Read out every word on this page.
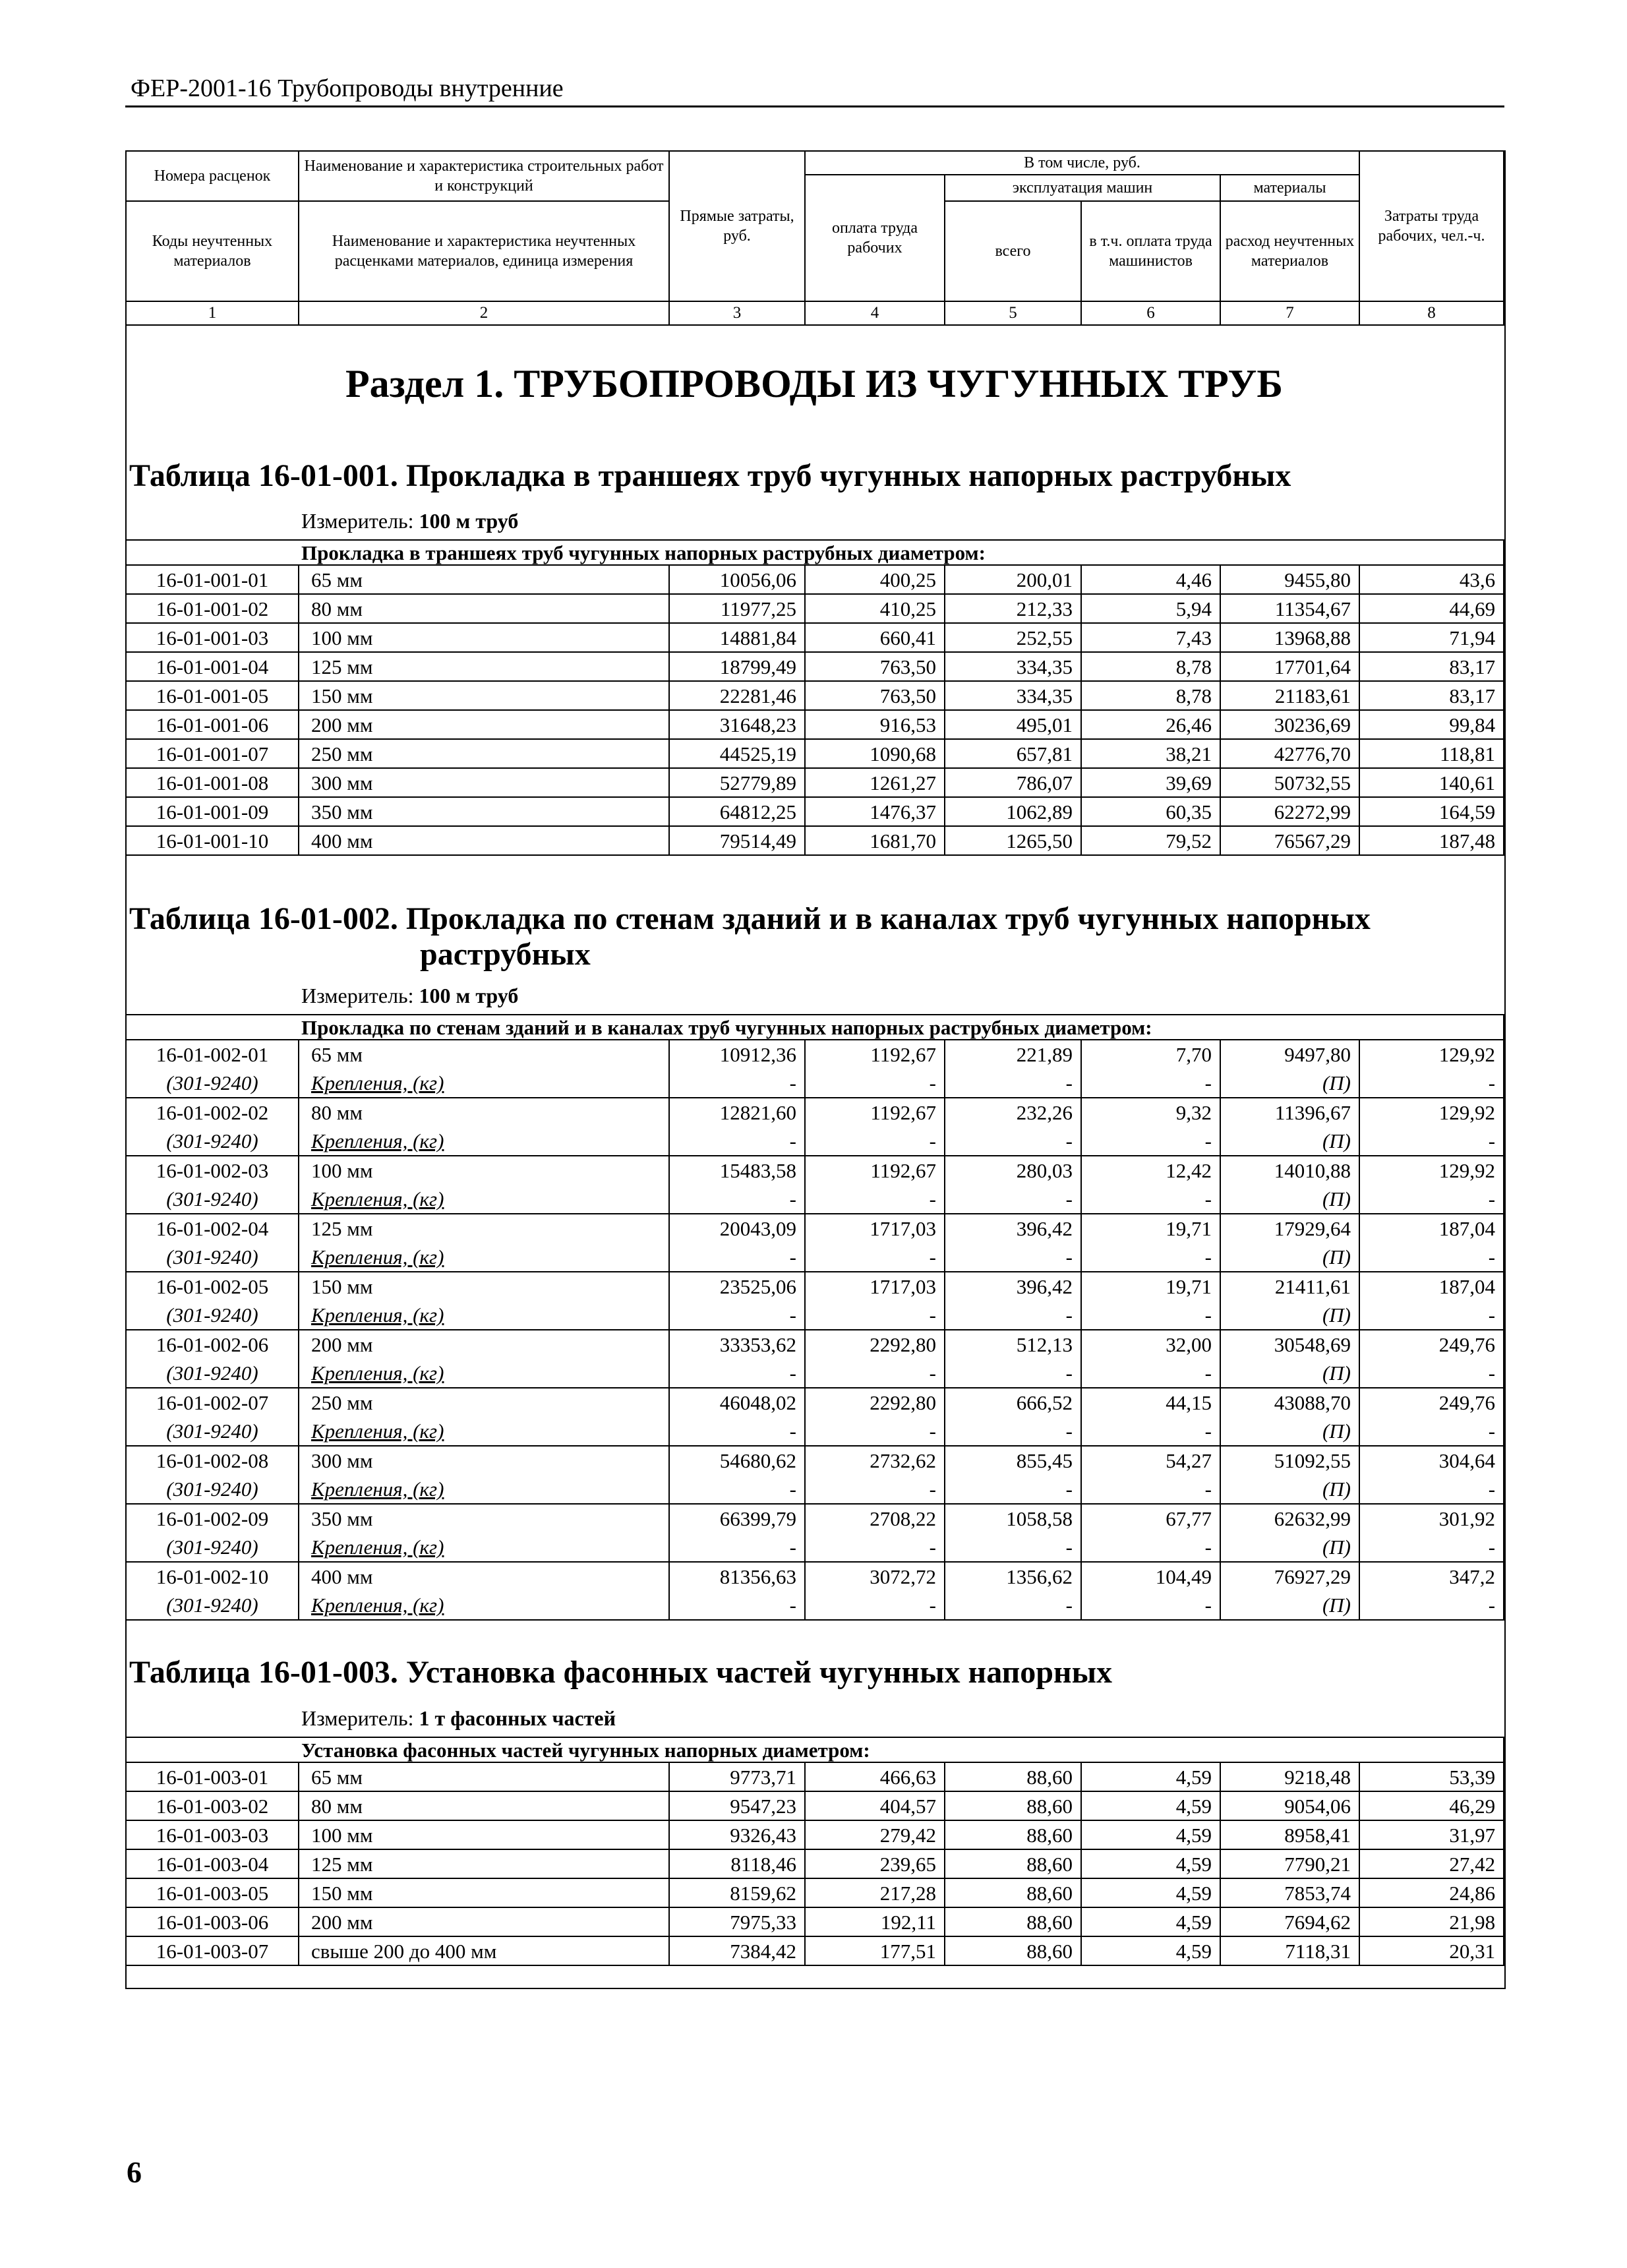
ФЕР-2001-16 Трубопроводы внутренние
Номера расценок	Наименование и характеристика строительных работ и конструкций	Прямые затраты, руб.	В том числе, руб.				Затраты труда рабочих, чел.-ч.
			оплата труда рабочих	эксплуатация машин		материалы	
Коды неучтенных материалов	Наименование и характеристика неучтенных расценками материалов, единица измерения			всего	в т.ч. оплата труда машинистов	расход неучтенных материалов	

1	2	3	4	5	6	7	8
Раздел 1. ТРУБОПРОВОДЫ ИЗ ЧУГУННЫХ ТРУБ
Таблица 16-01-001. Прокладка в траншеях труб чугунных напорных раструбных
Измеритель: 100 м труб
Прокладка в траншеях труб чугунных напорных раструбных диаметром:							
16-01-001-01	65 мм	10056,06	400,25	200,01	4,46	9455,80	43,6
16-01-001-02	80 мм	11977,25	410,25	212,33	5,94	11354,67	44,69
16-01-001-03	100 мм	14881,84	660,41	252,55	7,43	13968,88	71,94
16-01-001-04	125 мм	18799,49	763,50	334,35	8,78	17701,64	83,17
16-01-001-05	150 мм	22281,46	763,50	334,35	8,78	21183,61	83,17
16-01-001-06	200 мм	31648,23	916,53	495,01	26,46	30236,69	99,84
16-01-001-07	250 мм	44525,19	1090,68	657,81	38,21	42776,70	118,81
16-01-001-08	300 мм	52779,89	1261,27	786,07	39,69	50732,55	140,61
16-01-001-09	350 мм	64812,25	1476,37	1062,89	60,35	62272,99	164,59
16-01-001-10	400 мм	79514,49	1681,70	1265,50	79,52	76567,29	187,48
Таблица 16-01-002. Прокладка по стенам зданий и в каналах труб чугунных напорных
раструбных
Измеритель: 100 м труб
Прокладка по стенам зданий и в каналах труб чугунных напорных раструбных диаметром:							
16-01-002-01	65 мм	10912,36	1192,67	221,89	7,70	9497,80	129,92
(301-9240)	Крепления, (кг)	-	-	-	-	(П)	-
16-01-002-02	80 мм	12821,60	1192,67	232,26	9,32	11396,67	129,92
(301-9240)	Крепления, (кг)	-	-	-	-	(П)	-
16-01-002-03	100 мм	15483,58	1192,67	280,03	12,42	14010,88	129,92
(301-9240)	Крепления, (кг)	-	-	-	-	(П)	-
16-01-002-04	125 мм	20043,09	1717,03	396,42	19,71	17929,64	187,04
(301-9240)	Крепления, (кг)	-	-	-	-	(П)	-
16-01-002-05	150 мм	23525,06	1717,03	396,42	19,71	21411,61	187,04
(301-9240)	Крепления, (кг)	-	-	-	-	(П)	-
16-01-002-06	200 мм	33353,62	2292,80	512,13	32,00	30548,69	249,76
(301-9240)	Крепления, (кг)	-	-	-	-	(П)	-
16-01-002-07	250 мм	46048,02	2292,80	666,52	44,15	43088,70	249,76
(301-9240)	Крепления, (кг)	-	-	-	-	(П)	-
16-01-002-08	300 мм	54680,62	2732,62	855,45	54,27	51092,55	304,64
(301-9240)	Крепления, (кг)	-	-	-	-	(П)	-
16-01-002-09	350 мм	66399,79	2708,22	1058,58	67,77	62632,99	301,92
(301-9240)	Крепления, (кг)	-	-	-	-	(П)	-
16-01-002-10	400 мм	81356,63	3072,72	1356,62	104,49	76927,29	347,2
(301-9240)	Крепления, (кг)	-	-	-	-	(П)	-
Таблица 16-01-003. Установка фасонных частей чугунных напорных
Измеритель: 1 т фасонных частей
Установка фасонных частей чугунных напорных диаметром:							
16-01-003-01	65 мм	9773,71	466,63	88,60	4,59	9218,48	53,39
16-01-003-02	80 мм	9547,23	404,57	88,60	4,59	9054,06	46,29
16-01-003-03	100 мм	9326,43	279,42	88,60	4,59	8958,41	31,97
16-01-003-04	125 мм	8118,46	239,65	88,60	4,59	7790,21	27,42
16-01-003-05	150 мм	8159,62	217,28	88,60	4,59	7853,74	24,86
16-01-003-06	200 мм	7975,33	192,11	88,60	4,59	7694,62	21,98
16-01-003-07	свыше 200 до 400 мм	7384,42	177,51	88,60	4,59	7118,31	20,31
6
